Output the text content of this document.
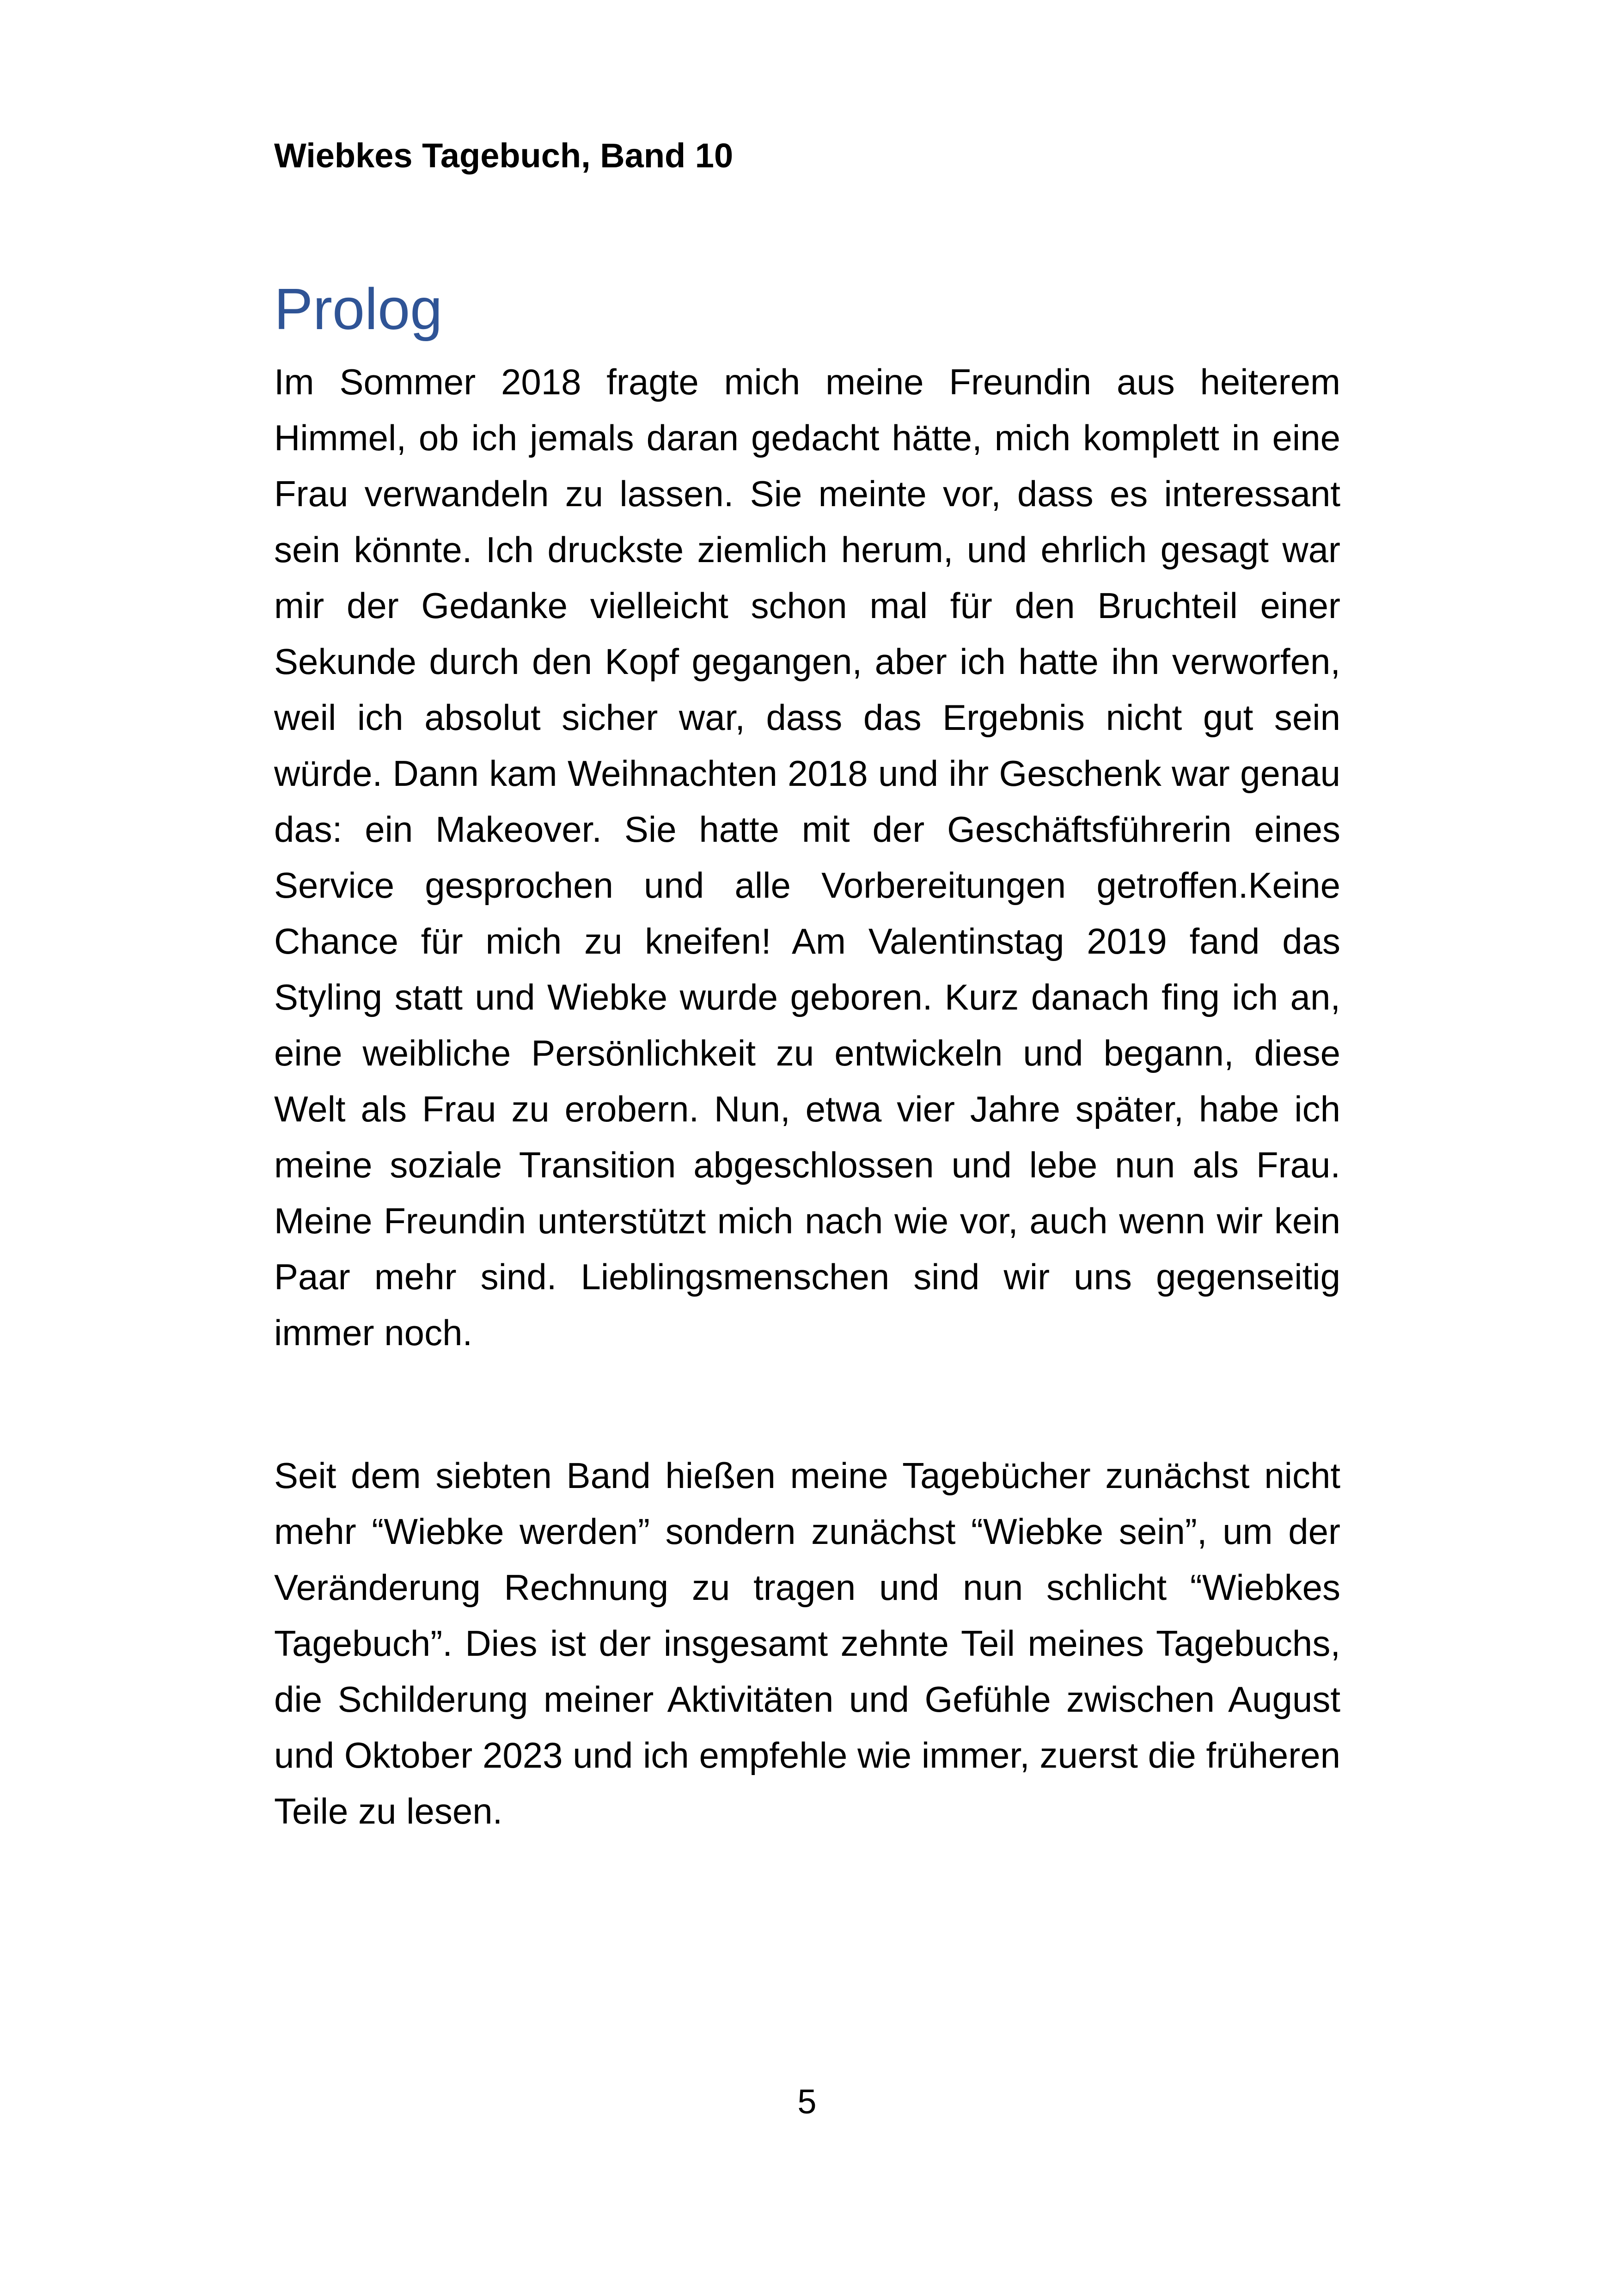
Wiebkes Tagebuch, Band 10
Prolog

Im Sommer 2018 fragte mich meine Freundin aus heiterem Himmel, ob ich jemals daran gedacht hätte, mich komplett in eine Frau verwandeln zu lassen. Sie meinte vor, dass es interessant sein könnte. Ich druckste ziemlich herum, und ehrlich gesagt war mir der Gedanke vielleicht schon mal für den Bruchteil einer Sekunde durch den Kopf gegangen, aber ich hatte ihn verworfen, weil ich absolut sicher war, dass das Ergebnis nicht gut sein würde. Dann kam Weihnachten 2018 und ihr Geschenk war genau das: ein Makeover. Sie hatte mit der Geschäftsführerin eines Service gesprochen und alle Vorbereitungen getroffen.Keine Chance für mich zu kneifen! Am Valentinstag 2019 fand das Styling statt und Wiebke wurde geboren. Kurz danach fing ich an, eine weibliche Persönlichkeit zu entwickeln und begann, diese Welt als Frau zu erobern. Nun, etwa vier Jahre später, habe ich meine soziale Transition abgeschlossen und lebe nun als Frau. Meine Freundin unterstützt mich nach wie vor, auch wenn wir kein Paar mehr sind. Lieblingsmenschen sind wir uns gegenseitig immer noch.

Seit dem siebten Band hießen meine Tagebücher zunächst nicht mehr “Wiebke werden” sondern zunächst “Wiebke sein”, um der Veränderung Rechnung zu tragen und nun schlicht “Wiebkes Tagebuch”. Dies ist der insgesamt zehnte Teil meines Tagebuchs, die Schilderung meiner Aktivitäten und Gefühle zwischen August und Oktober 2023 und ich empfehle wie immer, zuerst die früheren Teile zu lesen.

5
